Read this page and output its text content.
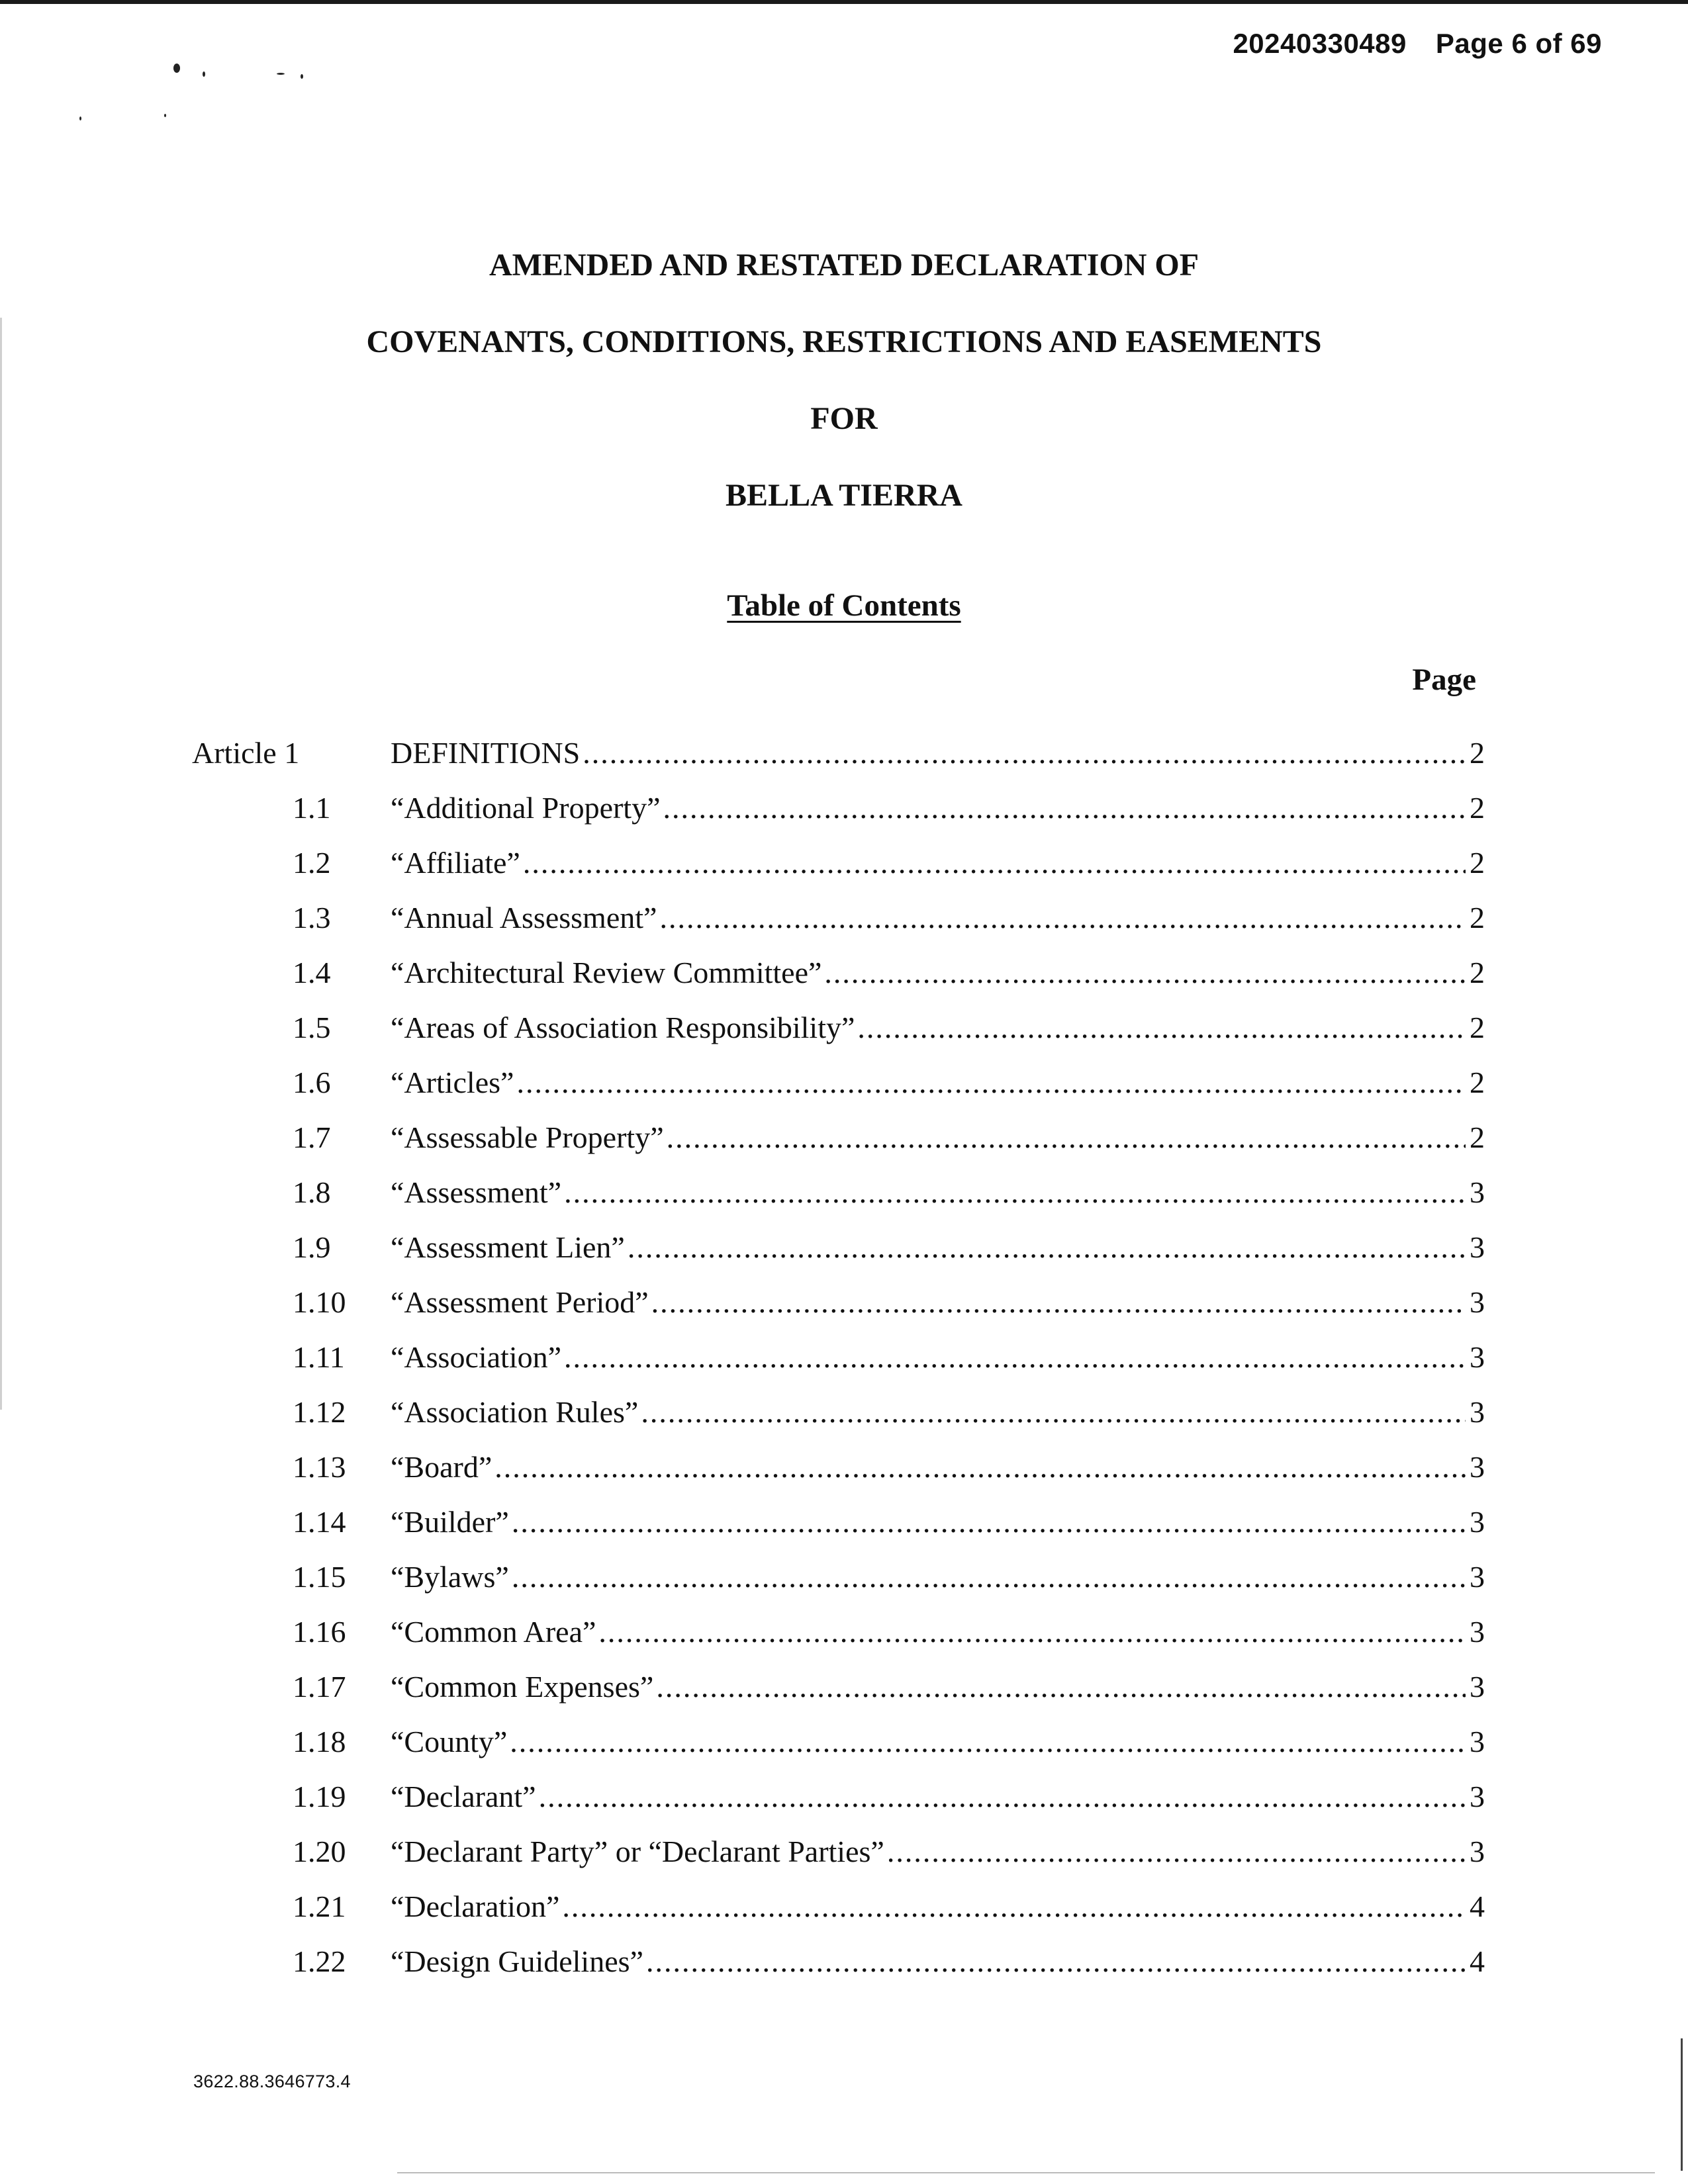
20240330489 Page 6 of 69
AMENDED AND RESTATED DECLARATION OF
COVENANTS, CONDITIONS, RESTRICTIONS AND EASEMENTS
FOR
BELLA TIERRA
Table of Contents
Page
Article 1	DEFINITIONS .....	2
1.1 “Additional Property” .....	2
1.2 “Affiliate” .....	2
1.3 “Annual Assessment” .....	2
1.4 “Architectural Review Committee” .....	2
1.5 “Areas of Association Responsibility” .....	2
1.6 “Articles” .....	2
1.7 “Assessable Property” .....	2
1.8 “Assessment” .....	3
1.9 “Assessment Lien” .....	3
1.10 “Assessment Period” .....	3
1.11 “Association” .....	3
1.12 “Association Rules” .....	3
1.13 “Board” .....	3
1.14 “Builder” .....	3
1.15 “Bylaws” .....	3
1.16 “Common Area” .....	3
1.17 “Common Expenses” .....	3
1.18 “County” .....	3
1.19 “Declarant” .....	3
1.20 “Declarant Party” or “Declarant Parties” .....	3
1.21 “Declaration” .....	4
1.22 “Design Guidelines” .....	4
3622.88.3646773.4
